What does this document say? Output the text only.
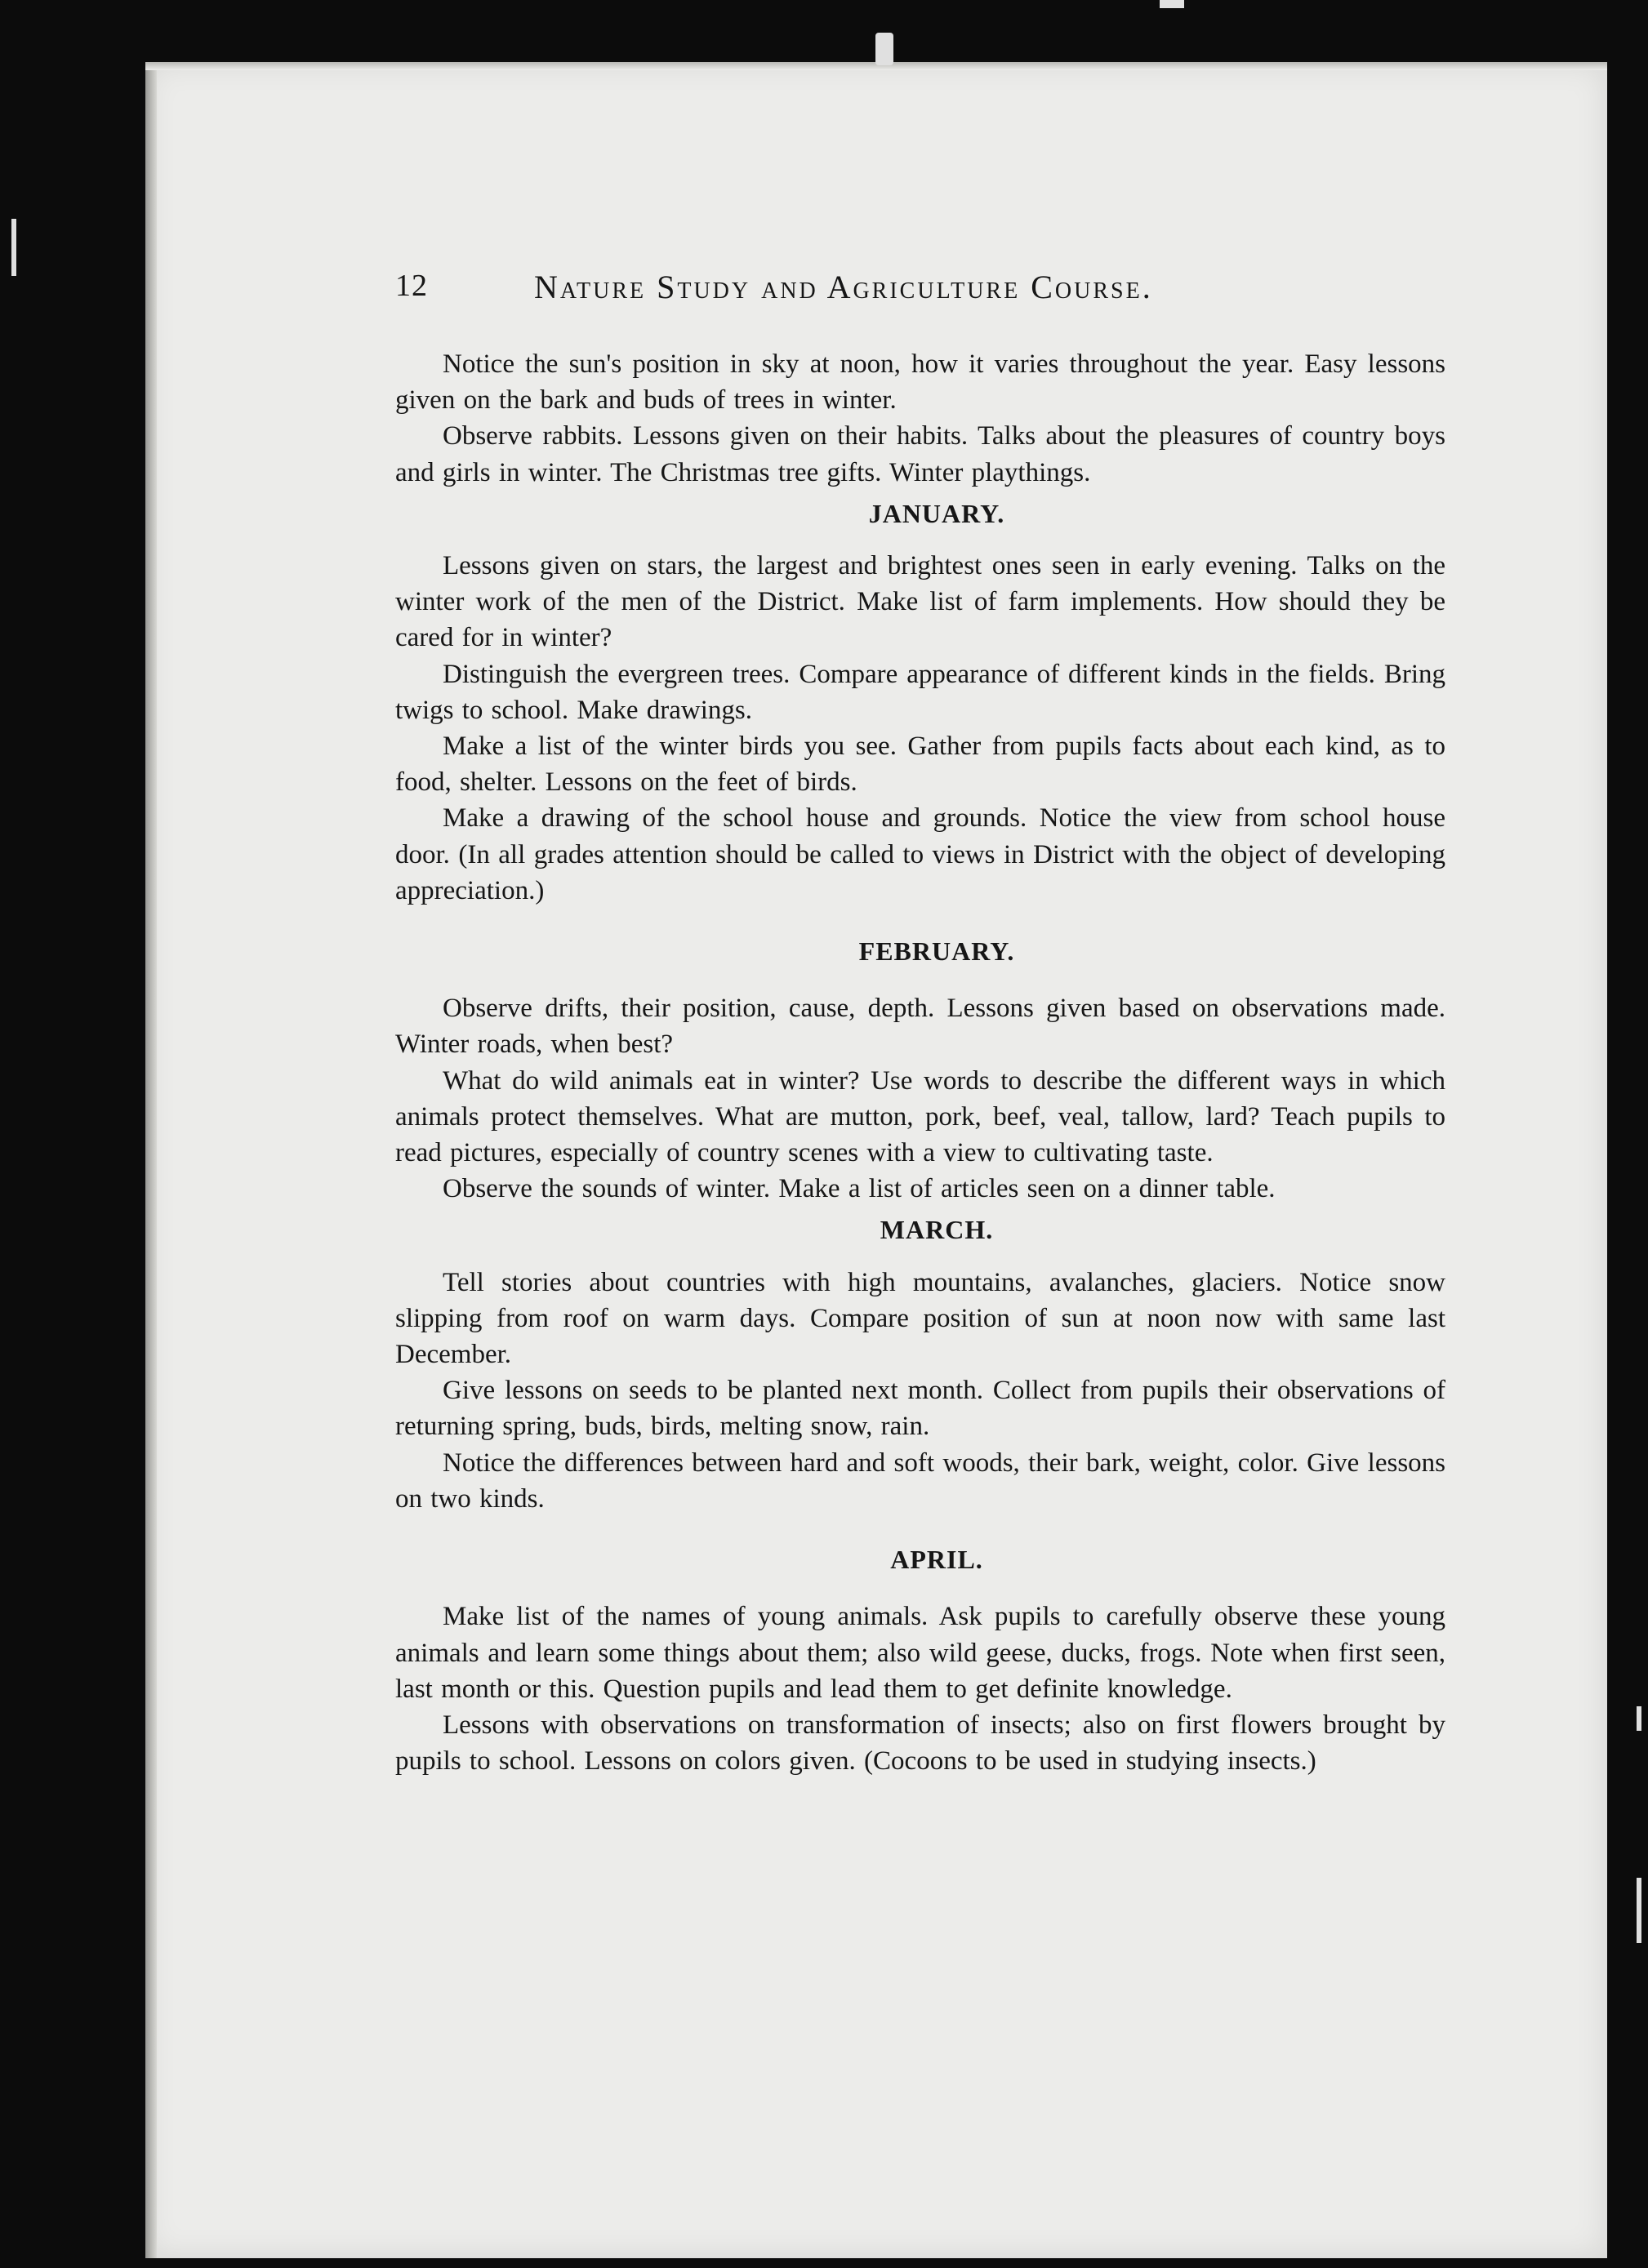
12	Nature Study and Agriculture Course.

Notice the sun's position in sky at noon, how it varies throughout the year. Easy lessons given on the bark and buds of trees in winter.

Observe rabbits. Lessons given on their habits. Talks about the pleasures of country boys and girls in winter. The Christmas tree gifts. Winter playthings.

JANUARY.

Lessons given on stars, the largest and brightest ones seen in early evening. Talks on the winter work of the men of the District. Make list of farm implements. How should they be cared for in winter?

Distinguish the evergreen trees. Compare appearance of different kinds in the fields. Bring twigs to school. Make drawings.

Make a list of the winter birds you see. Gather from pupils facts about each kind, as to food, shelter. Lessons on the feet of birds.

Make a drawing of the school house and grounds. Notice the view from school house door. (In all grades attention should be called to views in District with the object of developing appreciation.)

FEBRUARY.

Observe drifts, their position, cause, depth. Lessons given based on observations made. Winter roads, when best?

What do wild animals eat in winter? Use words to describe the different ways in which animals protect themselves. What are mutton, pork, beef, veal, tallow, lard? Teach pupils to read pictures, especially of country scenes with a view to cultivating taste.

Observe the sounds of winter. Make a list of articles seen on a dinner table.

MARCH.

Tell stories about countries with high mountains, avalanches, glaciers. Notice snow slipping from roof on warm days. Compare position of sun at noon now with same last December.

Give lessons on seeds to be planted next month. Collect from pupils their observations of returning spring, buds, birds, melting snow, rain.

Notice the differences between hard and soft woods, their bark, weight, color. Give lessons on two kinds.

APRIL.

Make list of the names of young animals. Ask pupils to carefully observe these young animals and learn some things about them; also wild geese, ducks, frogs. Note when first seen, last month or this. Question pupils and lead them to get definite knowledge.

Lessons with observations on transformation of insects; also on first flowers brought by pupils to school. Lessons on colors given. (Cocoons to be used in studying insects.)
